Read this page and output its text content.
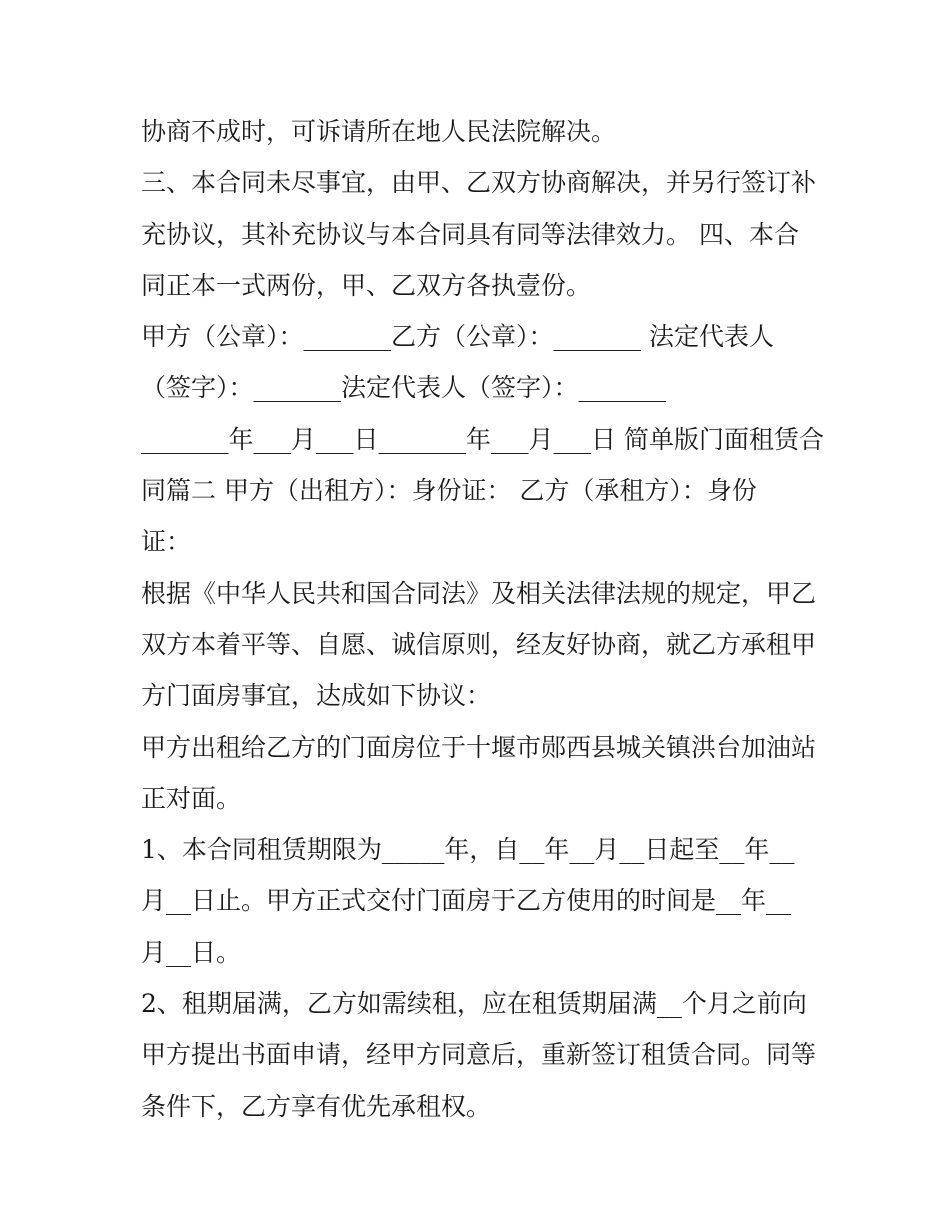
协商不成时，可诉请所在地人民法院解决。
三、本合同未尽事宜，由甲、乙双方协商解决，并另行签订补
充协议，其补充协议与本合同具有同等法律效力。 四、本合
同正本一式两份，甲、乙双方各执壹份。
甲方（公章）：_______乙方（公章）：_______ 法定代表人
（签字）：_______法定代表人（签字）：_______
_______年___月___日_______年___月___日 简单版门面租赁合
同篇二 甲方（出租方）：身份证： 乙方（承租方）：身份
证：
根据《中华人民共和国合同法》及相关法律法规的规定，甲乙
双方本着平等、自愿、诚信原则，经友好协商，就乙方承租甲
方门面房事宜，达成如下协议：
甲方出租给乙方的门面房位于十堰市郧西县城关镇洪台加油站
正对面。
1、本合同租赁期限为_____年，自__年__月__日起至__年__
月__日止。甲方正式交付门面房于乙方使用的时间是__年__
月__日。
2、租期届满，乙方如需续租，应在租赁期届满__个月之前向
甲方提出书面申请，经甲方同意后，重新签订租赁合同。同等
条件下，乙方享有优先承租权。
